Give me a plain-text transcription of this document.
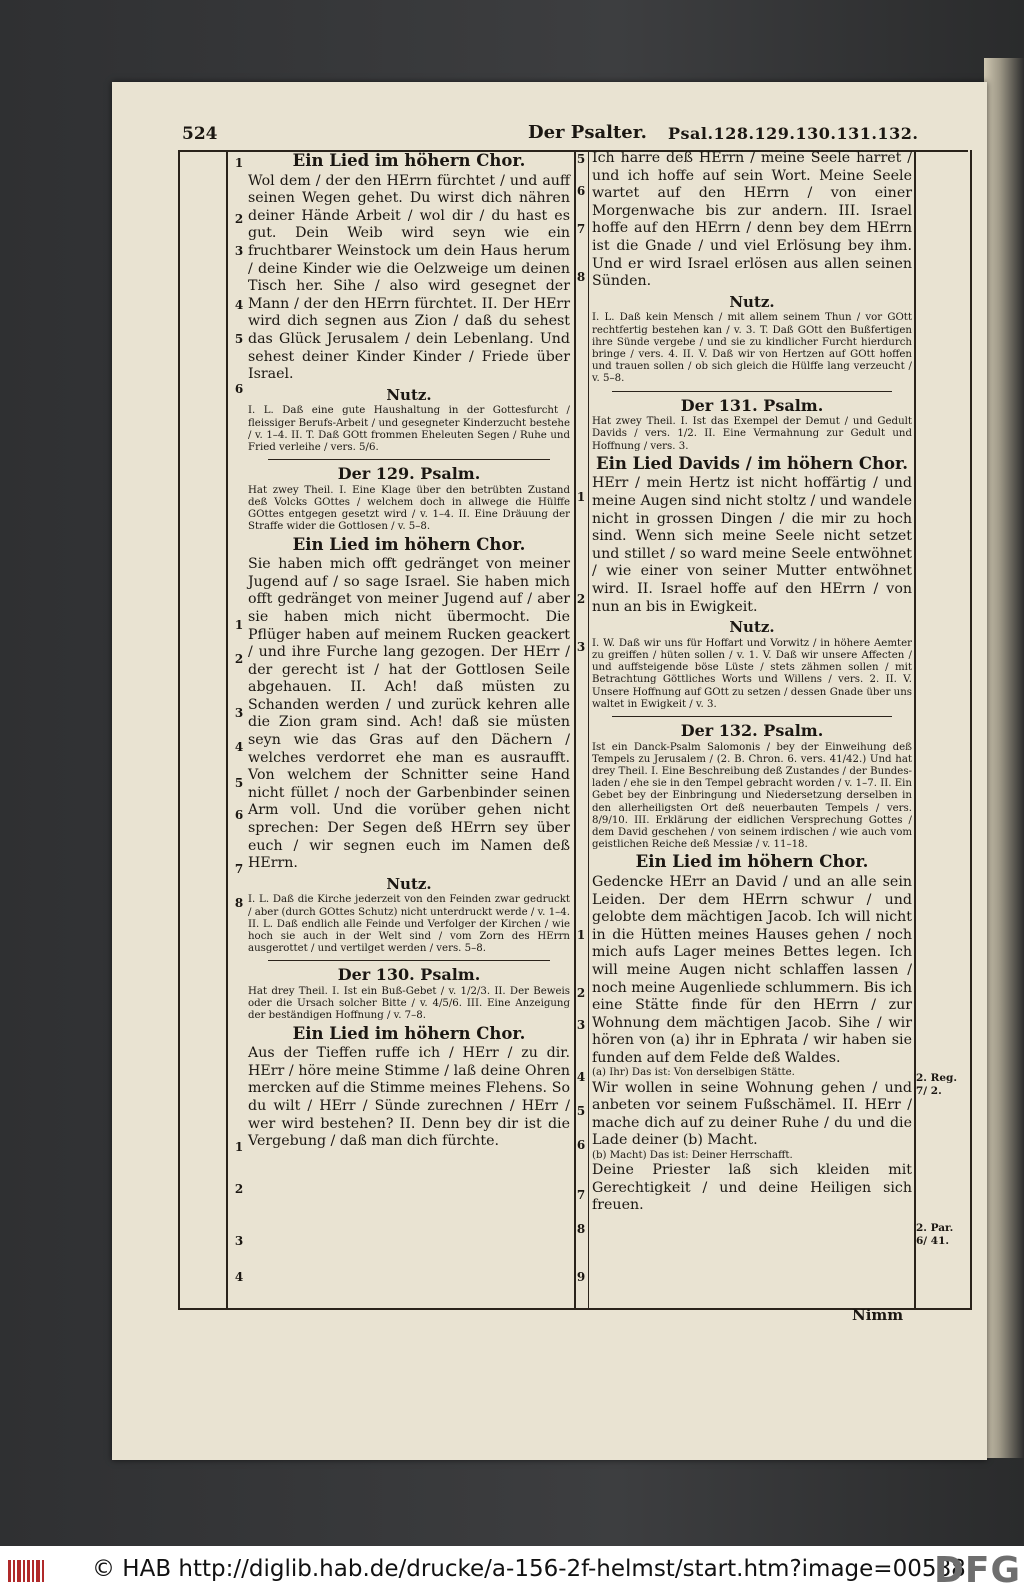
524	Der Psalter. Psal.128.129.130.131.132.
1
2
3
4
5
6
1
2
3
4
5
6
7
8
1
2
3
4
5
6
7
8
1
2
3
1
2
3
4
5
6
7
8
9
Ein Lied im höhern Chor.
Wol dem / der den HErrn fürchtet / und auff seinen Wegen gehet. Du wirst dich nähren deiner Hände Arbeit / wol dir / du hast es gut. Dein Weib wird seyn wie ein fruchtbarer Weinstock um dein Haus herum / deine Kinder wie die Oelzweige um deinen Tisch her. Sihe / also wird gesegnet der Mann / der den HErrn fürchtet. II. Der HErr wird dich segnen aus Zion / daß du sehest das Glück Jerusalem / dein Lebenlang. Und sehest deiner Kinder Kinder / Friede über Israel.
Nutz.
I. L. Daß eine gute Haushaltung in der Gottesfurcht / fleissiger Berufs-Arbeit / und gesegneter Kinderzucht bestehe / v. 1–4. II. T. Daß GOtt frommen Eheleuten Segen / Ruhe und Fried verleihe / vers. 5/6.
Der 129. Psalm.
Hat zwey Theil. I. Eine Klage über den betrübten Zustand deß Volcks GOttes / welchem doch in allwege die Hülffe GOttes entgegen gesetzt wird / v. 1–4. II. Eine Dräuung der Straffe wider die Gottlosen / v. 5–8.
Ein Lied im höhern Chor.
Sie haben mich offt gedränget von meiner Jugend auf / so sage Israel. Sie haben mich offt gedränget von meiner Jugend auf / aber sie haben mich nicht übermocht. Die Pflüger haben auf meinem Rucken geackert / und ihre Furche lang gezogen. Der HErr / der gerecht ist / hat der Gottlosen Seile abgehauen. II. Ach! daß müsten zu Schanden werden / und zurück kehren alle die Zion gram sind. Ach! daß sie müsten seyn wie das Gras auf den Dächern / welches verdorret ehe man es ausraufft. Von welchem der Schnitter seine Hand nicht füllet / noch der Garbenbinder seinen Arm voll. Und die vorüber gehen nicht sprechen: Der Segen deß HErrn sey über euch / wir segnen euch im Namen deß HErrn.
Nutz.
I. L. Daß die Kirche jederzeit von den Feinden zwar gedruckt / aber (durch GOttes Schutz) nicht unterdruckt werde / v. 1–4. II. L. Daß endlich alle Feinde und Verfolger der Kirchen / wie hoch sie auch in der Welt sind / vom Zorn des HErrn ausgerottet / und vertilget werden / vers. 5–8.
Der 130. Psalm.
Hat drey Theil. I. Ist ein Buß-Gebet / v. 1/2/3. II. Der Beweis oder die Ursach solcher Bitte / v. 4/5/6. III. Eine Anzeigung der beständigen Hoffnung / v. 7–8.
Ein Lied im höhern Chor.
Aus der Tieffen ruffe ich / HErr / zu dir. HErr / höre meine Stimme / laß deine Ohren mercken auf die Stimme meines Flehens. So du wilt / HErr / Sünde zurechnen / HErr / wer wird bestehen? II. Denn bey dir ist die Vergebung / daß man dich fürchte.
Ich harre deß HErrn / meine Seele harret / und ich hoffe auf sein Wort. Meine Seele wartet auf den HErrn / von einer Morgenwache bis zur andern. III. Israel hoffe auf den HErrn / denn bey dem HErrn ist die Gnade / und viel Erlösung bey ihm. Und er wird Israel erlösen aus allen seinen Sünden.
Nutz.
I. L. Daß kein Mensch / mit allem seinem Thun / vor GOtt rechtfertig bestehen kan / v. 3. T. Daß GOtt den Bußfertigen ihre Sünde vergebe / und sie zu kindlicher Furcht hierdurch bringe / vers. 4. II. V. Daß wir von Hertzen auf GOtt hoffen und trauen sollen / ob sich gleich die Hülffe lang verzeucht / v. 5–8.
Der 131. Psalm.
Hat zwey Theil. I. Ist das Exempel der Demut / und Gedult Davids / vers. 1/2. II. Eine Vermahnung zur Gedult und Hoffnung / vers. 3.
Ein Lied Davids / im höhern Chor.
HErr / mein Hertz ist nicht hoffärtig / und meine Augen sind nicht stoltz / und wandele nicht in grossen Dingen / die mir zu hoch sind. Wenn sich meine Seele nicht setzet und stillet / so ward meine Seele entwöhnet / wie einer von seiner Mutter entwöhnet wird. II. Israel hoffe auf den HErrn / von nun an bis in Ewigkeit.
Nutz.
I. W. Daß wir uns für Hoffart und Vorwitz / in höhere Aemter zu greiffen / hüten sollen / v. 1. V. Daß wir unsere Affecten / und auffsteigende böse Lüste / stets zähmen sollen / mit Betrachtung Göttliches Worts und Willens / vers. 2. II. V. Unsere Hoffnung auf GOtt zu setzen / dessen Gnade über uns waltet in Ewigkeit / v. 3.
Der 132. Psalm.
Ist ein Danck-Psalm Salomonis / bey der Einweihung deß Tempels zu Jerusalem / (2. B. Chron. 6. vers. 41/42.) Und hat drey Theil. I. Eine Beschreibung deß Zustandes / der Bundes-laden / ehe sie in den Tempel gebracht worden / v. 1–7. II. Ein Gebet bey der Einbringung und Niedersetzung derselben in den allerheiligsten Ort deß neuerbauten Tempels / vers. 8/9/10. III. Erklärung der eidlichen Versprechung Gottes / dem David geschehen / von seinem irdischen / wie auch vom geistlichen Reiche deß Messiæ / v. 11–18.
Ein Lied im höhern Chor.
Gedencke HErr an David / und an alle sein Leiden. Der dem HErrn schwur / und gelobte dem mächtigen Jacob. Ich will nicht in die Hütten meines Hauses gehen / noch mich aufs Lager meines Bettes legen. Ich will meine Augen nicht schlaffen lassen / noch meine Augenliede schlummern. Bis ich eine Stätte finde für den HErrn / zur Wohnung dem mächtigen Jacob. Sihe / wir hören von (a) ihr in Ephrata / wir haben sie funden auf dem Felde deß Waldes.
(a) Ihr) Das ist: Von derselbigen Stätte.
Wir wollen in seine Wohnung gehen / und anbeten vor seinem Fußschämel. II. HErr / mache dich auf zu deiner Ruhe / du und die Lade deiner (b) Macht.
(b) Macht) Das ist: Deiner Herrschafft.
Deine Priester laß sich kleiden mit Gerechtigkeit / und deine Heiligen sich freuen.
2. Reg. 7/ 2.
2. Par. 6/ 41.
Nimm
© HAB http://diglib.hab.de/drucke/a-156-2f-helmst/start.htm?image=00588
DFG
